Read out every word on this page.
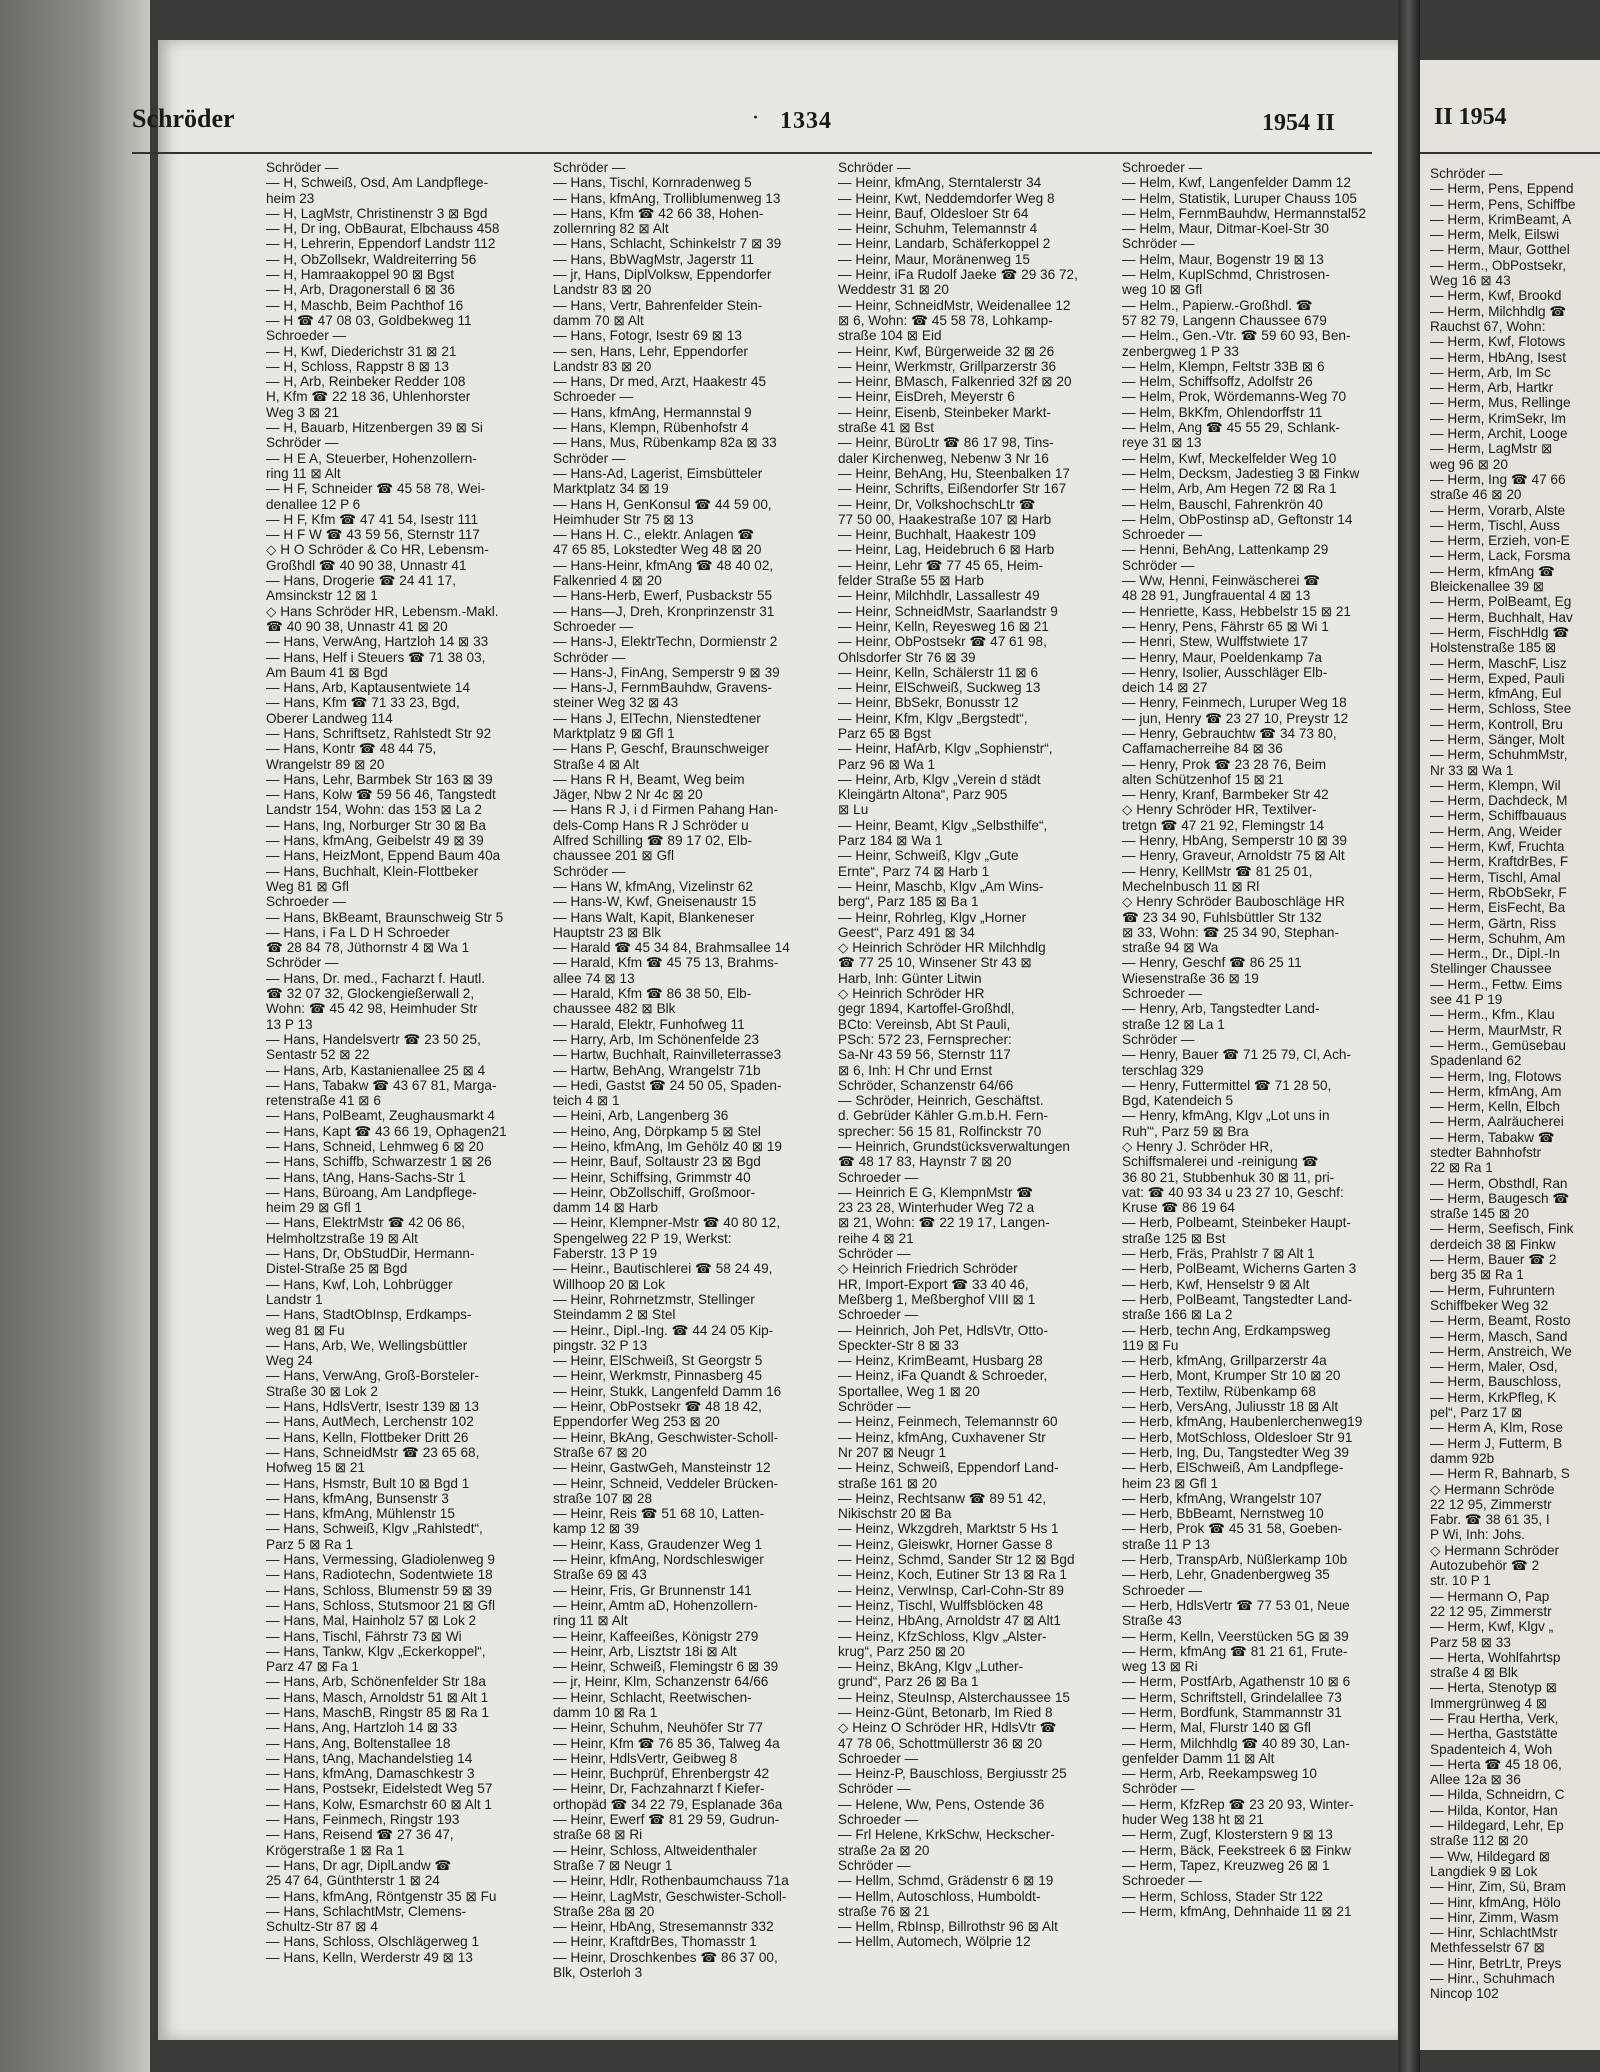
Schröder	· 1334	1954 II
Schröder —
— H, Schweiß, Osd, Am Landpflege-
heim 23
— H, LagMstr, Christinenstr 3 ⊠ Bgd
— H, Dr ing, ObBaurat, Elbchauss 458
— H, Lehrerin, Eppendorf Landstr 112
— H, ObZollsekr, Waldreiterring 56
— H, Hamraakoppel 90 ⊠ Bgst
— H, Arb, Dragonerstall 6 ⊠ 36
— H, Maschb, Beim Pachthof 16
— H ☎ 47 08 03, Goldbekweg 11
Schroeder —
— H, Kwf, Diederichstr 31 ⊠ 21
— H, Schloss, Rappstr 8 ⊠ 13
— H, Arb, Reinbeker Redder 108
H, Kfm ☎ 22 18 36, Uhlenhorster
Weg 3 ⊠ 21
— H, Bauarb, Hitzenbergen 39 ⊠ Si
Schröder —
— H E A, Steuerber, Hohenzollern-
ring 11 ⊠ Alt
— H F, Schneider ☎ 45 58 78, Wei-
denallee 12 P 6
— H F, Kfm ☎ 47 41 54, Isestr 111
— H F W ☎ 43 59 56, Sternstr 117
◇ H O Schröder & Co HR, Lebensm-
Großhdl ☎ 40 90 38, Unnastr 41
— Hans, Drogerie ☎ 24 41 17,
Amsinckstr 12 ⊠ 1
◇ Hans Schröder HR, Lebensm.-Makl.
☎ 40 90 38, Unnastr 41 ⊠ 20
— Hans, VerwAng, Hartzloh 14 ⊠ 33
— Hans, Helf i Steuers ☎ 71 38 03,
Am Baum 41 ⊠ Bgd
— Hans, Arb, Kaptausentwiete 14
— Hans, Kfm ☎ 71 33 23, Bgd,
Oberer Landweg 114
— Hans, Schriftsetz, Rahlstedt Str 92
— Hans, Kontr ☎ 48 44 75,
Wrangelstr 89 ⊠ 20
— Hans, Lehr, Barmbek Str 163 ⊠ 39
— Hans, Kolw ☎ 59 56 46, Tangstedt
Landstr 154, Wohn: das 153 ⊠ La 2
— Hans, Ing, Norburger Str 30 ⊠ Ba
— Hans, kfmAng, Geibelstr 49 ⊠ 39
— Hans, HeizMont, Eppend Baum 40a
— Hans, Buchhalt, Klein-Flottbeker
Weg 81 ⊠ Gfl
Schroeder —
— Hans, BkBeamt, Braunschweig Str 5
— Hans, i Fa L D H Schroeder
☎ 28 84 78, Jüthornstr 4 ⊠ Wa 1
Schröder —
— Hans, Dr. med., Facharzt f. Hautl.
☎ 32 07 32, Glockengießerwall 2,
Wohn: ☎ 45 42 98, Heimhuder Str
13 P 13
— Hans, Handelsvertr ☎ 23 50 25,
Sentastr 52 ⊠ 22
— Hans, Arb, Kastanienallee 25 ⊠ 4
— Hans, Tabakw ☎ 43 67 81, Marga-
retenstraße 41 ⊠ 6
— Hans, PolBeamt, Zeughausmarkt 4
— Hans, Kapt ☎ 43 66 19, Ophagen21
— Hans, Schneid, Lehmweg 6 ⊠ 20
— Hans, Schiffb, Schwarzestr 1 ⊠ 26
— Hans, tAng, Hans-Sachs-Str 1
— Hans, Büroang, Am Landpflege-
heim 29 ⊠ Gfl 1
— Hans, ElektrMstr ☎ 42 06 86,
Helmholtzstraße 19 ⊠ Alt
— Hans, Dr, ObStudDir, Hermann-
Distel-Straße 25 ⊠ Bgd
— Hans, Kwf, Loh, Lohbrügger
Landstr 1
— Hans, StadtObInsp, Erdkamps-
weg 81 ⊠ Fu
— Hans, Arb, We, Wellingsbüttler
Weg 24
— Hans, VerwAng, Groß-Borsteler-
Straße 30 ⊠ Lok 2
— Hans, HdlsVertr, Isestr 139 ⊠ 13
— Hans, AutMech, Lerchenstr 102
— Hans, Kelln, Flottbeker Dritt 26
— Hans, SchneidMstr ☎ 23 65 68,
Hofweg 15 ⊠ 21
— Hans, Hsmstr, Bult 10 ⊠ Bgd 1
— Hans, kfmAng, Bunsenstr 3
— Hans, kfmAng, Mühlenstr 15
— Hans, Schweiß, Klgv „Rahlstedt“,
Parz 5 ⊠ Ra 1
— Hans, Vermessing, Gladiolenweg 9
— Hans, Radiotechn, Sodentwiete 18
— Hans, Schloss, Blumenstr 59 ⊠ 39
— Hans, Schloss, Stutsmoor 21 ⊠ Gfl
— Hans, Mal, Hainholz 57 ⊠ Lok 2
— Hans, Tischl, Fährstr 73 ⊠ Wi
— Hans, Tankw, Klgv „Eckerkoppel“,
Parz 47 ⊠ Fa 1
— Hans, Arb, Schönenfelder Str 18a
— Hans, Masch, Arnoldstr 51 ⊠ Alt 1
— Hans, MaschB, Ringstr 85 ⊠ Ra 1
— Hans, Ang, Hartzloh 14 ⊠ 33
— Hans, Ang, Boltenstallee 18
— Hans, tAng, Machandelstieg 14
— Hans, kfmAng, Damaschkestr 3
— Hans, Postsekr, Eidelstedt Weg 57
— Hans, Kolw, Esmarchstr 60 ⊠ Alt 1
— Hans, Feinmech, Ringstr 193
— Hans, Reisend ☎ 27 36 47,
Krögerstraße 1 ⊠ Ra 1
— Hans, Dr agr, DiplLandw ☎
25 47 64, Günthterstr 1 ⊠ 24
— Hans, kfmAng, Röntgenstr 35 ⊠ Fu
— Hans, SchlachtMstr, Clemens-
Schultz-Str 87 ⊠ 4
— Hans, Schloss, Olschlägerweg 1
— Hans, Kelln, Werderstr 49 ⊠ 13
Schröder —
— Hans, Tischl, Kornradenweg 5
— Hans, kfmAng, Trolliblumenweg 13
— Hans, Kfm ☎ 42 66 38, Hohen-
zollernring 82 ⊠ Alt
— Hans, Schlacht, Schinkelstr 7 ⊠ 39
— Hans, BbWagMstr, Jagerstr 11
— jr, Hans, DiplVolksw, Eppendorfer
Landstr 83 ⊠ 20
— Hans, Vertr, Bahrenfelder Stein-
damm 70 ⊠ Alt
— Hans, Fotogr, Isestr 69 ⊠ 13
— sen, Hans, Lehr, Eppendorfer
Landstr 83 ⊠ 20
— Hans, Dr med, Arzt, Haakestr 45
Schroeder —
— Hans, kfmAng, Hermannstal 9
— Hans, Klempn, Rübenhofstr 4
— Hans, Mus, Rübenkamp 82a ⊠ 33
Schröder —
— Hans-Ad, Lagerist, Eimsbütteler
Marktplatz 34 ⊠ 19
— Hans H, GenKonsul ☎ 44 59 00,
Heimhuder Str 75 ⊠ 13
— Hans H. C., elektr. Anlagen ☎
47 65 85, Lokstedter Weg 48 ⊠ 20
— Hans-Heinr, kfmAng ☎ 48 40 02,
Falkenried 4 ⊠ 20
— Hans-Herb, Ewerf, Pusbackstr 55
— Hans—J, Dreh, Kronprinzenstr 31
Schroeder —
— Hans-J, ElektrTechn, Dormienstr 2
Schröder —
— Hans-J, FinAng, Semperstr 9 ⊠ 39
— Hans-J, FernmBauhdw, Gravens-
steiner Weg 32 ⊠ 43
— Hans J, ElTechn, Nienstedtener
Marktplatz 9 ⊠ Gfl 1
— Hans P, Geschf, Braunschweiger
Straße 4 ⊠ Alt
— Hans R H, Beamt, Weg beim
Jäger, Nbw 2 Nr 4c ⊠ 20
— Hans R J, i d Firmen Pahang Han-
dels-Comp Hans R J Schröder u
Alfred Schilling ☎ 89 17 02, Elb-
chaussee 201 ⊠ Gfl
Schröder —
— Hans W, kfmAng, Vizelinstr 62
— Hans-W, Kwf, Gneisenaustr 15
— Hans Walt, Kapit, Blankeneser
Hauptstr 23 ⊠ Blk
— Harald ☎ 45 34 84, Brahmsallee 14
— Harald, Kfm ☎ 45 75 13, Brahms-
allee 74 ⊠ 13
— Harald, Kfm ☎ 86 38 50, Elb-
chaussee 482 ⊠ Blk
— Harald, Elektr, Funhofweg 11
— Harry, Arb, Im Schönenfelde 23
— Hartw, Buchhalt, Rainvilleterrasse3
— Hartw, BehAng, Wrangelstr 71b
— Hedi, Gastst ☎ 24 50 05, Spaden-
teich 4 ⊠ 1
— Heini, Arb, Langenberg 36
— Heino, Ang, Dörpkamp 5 ⊠ Stel
— Heino, kfmAng, Im Gehölz 40 ⊠ 19
— Heinr, Bauf, Soltaustr 23 ⊠ Bgd
— Heinr, Schiffsing, Grimmstr 40
— Heinr, ObZollschiff, Großmoor-
damm 14 ⊠ Harb
— Heinr, Klempner-Mstr ☎ 40 80 12,
Spengelweg 22 P 19, Werkst:
Faberstr. 13 P 19
— Heinr., Bautischlerei ☎ 58 24 49,
Willhoop 20 ⊠ Lok
— Heinr, Rohrnetzmstr, Stellinger
Steindamm 2 ⊠ Stel
— Heinr., Dipl.-Ing. ☎ 44 24 05 Kip-
pingstr. 32 P 13
— Heinr, ElSchweiß, St Georgstr 5
— Heinr, Werkmstr, Pinnasberg 45
— Heinr, Stukk, Langenfeld Damm 16
— Heinr, ObPostsekr ☎ 48 18 42,
Eppendorfer Weg 253 ⊠ 20
— Heinr, BkAng, Geschwister-Scholl-
Straße 67 ⊠ 20
— Heinr, GastwGeh, Mansteinstr 12
— Heinr, Schneid, Veddeler Brücken-
straße 107 ⊠ 28
— Heinr, Reis ☎ 51 68 10, Latten-
kamp 12 ⊠ 39
— Heinr, Kass, Graudenzer Weg 1
— Heinr, kfmAng, Nordschleswiger
Straße 69 ⊠ 43
— Heinr, Fris, Gr Brunnenstr 141
— Heinr, Amtm aD, Hohenzollern-
ring 11 ⊠ Alt
— Heinr, Kaffeeißes, Königstr 279
— Heinr, Arb, Lisztstr 18i ⊠ Alt
— Heinr, Schweiß, Flemingstr 6 ⊠ 39
— jr, Heinr, Klm, Schanzenstr 64/66
— Heinr, Schlacht, Reetwischen-
damm 10 ⊠ Ra 1
— Heinr, Schuhm, Neuhöfer Str 77
— Heinr, Kfm ☎ 76 85 36, Talweg 4a
— Heinr, HdlsVertr, Geibweg 8
— Heinr, Buchprüf, Ehrenbergstr 42
— Heinr, Dr, Fachzahnarzt f Kiefer-
orthopäd ☎ 34 22 79, Esplanade 36a
— Heinr, Ewerf ☎ 81 29 59, Gudrun-
straße 68 ⊠ Ri
— Heinr, Schloss, Altweidenthaler
Straße 7 ⊠ Neugr 1
— Heinr, Hdlr, Rothenbaumchauss 71a
— Heinr, LagMstr, Geschwister-Scholl-
Straße 28a ⊠ 20
— Heinr, HbAng, Stresemannstr 332
— Heinr, KraftdrBes, Thomasstr 1
— Heinr, Droschkenbes ☎ 86 37 00,
Blk, Osterloh 3
Schröder —
— Heinr, kfmAng, Sterntalerstr 34
— Heinr, Kwt, Neddemdorfer Weg 8
— Heinr, Bauf, Oldesloer Str 64
— Heinr, Schuhm, Telemannstr 4
— Heinr, Landarb, Schäferkoppel 2
— Heinr, Maur, Moränenweg 15
— Heinr, iFa Rudolf Jaeke ☎ 29 36 72,
Weddestr 31 ⊠ 20
— Heinr, SchneidMstr, Weidenallee 12
⊠ 6, Wohn: ☎ 45 58 78, Lohkamp-
straße 104 ⊠ Eid
— Heinr, Kwf, Bürgerweide 32 ⊠ 26
— Heinr, Werkmstr, Grillparzerstr 36
— Heinr, BMasch, Falkenried 32f ⊠ 20
— Heinr, EisDreh, Meyerstr 6
— Heinr, Eisenb, Steinbeker Markt-
straße 41 ⊠ Bst
— Heinr, BüroLtr ☎ 86 17 98, Tins-
daler Kirchenweg, Nebenw 3 Nr 16
— Heinr, BehAng, Hu, Steenbalken 17
— Heinr, Schrifts, Eißendorfer Str 167
— Heinr, Dr, VolkshochschLtr ☎
77 50 00, Haakestraße 107 ⊠ Harb
— Heinr, Buchhalt, Haakestr 109
— Heinr, Lag, Heidebruch 6 ⊠ Harb
— Heinr, Lehr ☎ 77 45 65, Heim-
felder Straße 55 ⊠ Harb
— Heinr, Milchhdlr, Lassallestr 49
— Heinr, SchneidMstr, Saarlandstr 9
— Heinr, Kelln, Reyesweg 16 ⊠ 21
— Heinr, ObPostsekr ☎ 47 61 98,
Ohlsdorfer Str 76 ⊠ 39
— Heinr, Kelln, Schälerstr 11 ⊠ 6
— Heinr, ElSchweiß, Suckweg 13
— Heinr, BbSekr, Bonusstr 12
— Heinr, Kfm, Klgv „Bergstedt“,
Parz 65 ⊠ Bgst
— Heinr, HafArb, Klgv „Sophienstr“,
Parz 96 ⊠ Wa 1
— Heinr, Arb, Klgv „Verein d städt
Kleingärtn Altona“, Parz 905
⊠ Lu
— Heinr, Beamt, Klgv „Selbsthilfe“,
Parz 184 ⊠ Wa 1
— Heinr, Schweiß, Klgv „Gute
Ernte“, Parz 74 ⊠ Harb 1
— Heinr, Maschb, Klgv „Am Wins-
berg“, Parz 185 ⊠ Ba 1
— Heinr, Rohrleg, Klgv „Horner
Geest“, Parz 491 ⊠ 34
◇ Heinrich Schröder HR Milchhdlg
☎ 77 25 10, Winsener Str 43 ⊠
Harb, Inh: Günter Litwin
◇ Heinrich Schröder HR
gegr 1894, Kartoffel-Großhdl,
BCto: Vereinsb, Abt St Pauli,
PSch: 572 23, Fernsprecher:
Sa-Nr 43 59 56, Sternstr 117
⊠ 6, Inh: H Chr und Ernst
Schröder, Schanzenstr 64/66
— Schröder, Heinrich, Geschäftst.
d. Gebrüder Kähler G.m.b.H. Fern-
sprecher: 56 15 81, Rolfinckstr 70
— Heinrich, Grundstücksverwaltungen
☎ 48 17 83, Haynstr 7 ⊠ 20
Schroeder —
— Heinrich E G, KlempnMstr ☎
23 23 28, Winterhuder Weg 72 a
⊠ 21, Wohn: ☎ 22 19 17, Langen-
reihe 4 ⊠ 21
Schröder —
◇ Heinrich Friedrich Schröder
HR, Import-Export ☎ 33 40 46,
Meßberg 1, Meßberghof VIII ⊠ 1
Schroeder —
— Heinrich, Joh Pet, HdlsVtr, Otto-
Speckter-Str 8 ⊠ 33
— Heinz, KrimBeamt, Husbarg 28
— Heinz, iFa Quandt & Schroeder,
Sportallee, Weg 1 ⊠ 20
Schröder —
— Heinz, Feinmech, Telemannstr 60
— Heinz, kfmAng, Cuxhavener Str
Nr 207 ⊠ Neugr 1
— Heinz, Schweiß, Eppendorf Land-
straße 161 ⊠ 20
— Heinz, Rechtsanw ☎ 89 51 42,
Nikischstr 20 ⊠ Ba
— Heinz, Wkzgdreh, Marktstr 5 Hs 1
— Heinz, Gleiswkr, Horner Gasse 8
— Heinz, Schmd, Sander Str 12 ⊠ Bgd
— Heinz, Koch, Eutiner Str 13 ⊠ Ra 1
— Heinz, VerwInsp, Carl-Cohn-Str 89
— Heinz, Tischl, Wulffsblöcken 48
— Heinz, HbAng, Arnoldstr 47 ⊠ Alt1
— Heinz, KfzSchloss, Klgv „Alster-
krug“, Parz 250 ⊠ 20
— Heinz, BkAng, Klgv „Luther-
grund“, Parz 26 ⊠ Ba 1
— Heinz, SteuInsp, Alsterchaussee 15
— Heinz-Günt, Betonarb, Im Ried 8
◇ Heinz O Schröder HR, HdlsVtr ☎
47 78 06, Schottmüllerstr 36 ⊠ 20
Schroeder —
— Heinz-P, Bauschloss, Bergiusstr 25
Schröder —
— Helene, Ww, Pens, Ostende 36
Schroeder —
— Frl Helene, KrkSchw, Heckscher-
straße 2a ⊠ 20
Schröder —
— Hellm, Schmd, Grädenstr 6 ⊠ 19
— Hellm, Autoschloss, Humboldt-
straße 76 ⊠ 21
— Hellm, RbInsp, Billrothstr 96 ⊠ Alt
— Hellm, Automech, Wölprie 12
Schroeder —
— Helm, Kwf, Langenfelder Damm 12
— Helm, Statistik, Luruper Chauss 105
— Helm, FernmBauhdw, Hermannstal52
— Helm, Maur, Ditmar-Koel-Str 30
Schröder —
— Helm, Maur, Bogenstr 19 ⊠ 13
— Helm, KuplSchmd, Christrosen-
weg 10 ⊠ Gfl
— Helm., Papierw.-Großhdl. ☎
57 82 79, Langenn Chaussee 679
— Helm., Gen.-Vtr. ☎ 59 60 93, Ben-
zenbergweg 1 P 33
— Helm, Klempn, Feltstr 33B ⊠ 6
— Helm, Schiffsoffz, Adolfstr 26
— Helm, Prok, Wördemanns-Weg 70
— Helm, BkKfm, Ohlendorffstr 11
— Helm, Ang ☎ 45 55 29, Schlank-
reye 31 ⊠ 13
— Helm, Kwf, Meckelfelder Weg 10
— Helm, Decksm, Jadestieg 3 ⊠ Finkw
— Helm, Arb, Am Hegen 72 ⊠ Ra 1
— Helm, Bauschl, Fahrenkrön 40
— Helm, ObPostinsp aD, Geftonstr 14
Schroeder —
— Henni, BehAng, Lattenkamp 29
Schröder —
— Ww, Henni, Feinwäscherei ☎
48 28 91, Jungfrauental 4 ⊠ 13
— Henriette, Kass, Hebbelstr 15 ⊠ 21
— Henry, Pens, Fährstr 65 ⊠ Wi 1
— Henri, Stew, Wulffstwiete 17
— Henry, Maur, Poeldenkamp 7a
— Henry, Isolier, Ausschläger Elb-
deich 14 ⊠ 27
— Henry, Feinmech, Luruper Weg 18
— jun, Henry ☎ 23 27 10, Preystr 12
— Henry, Gebrauchtw ☎ 34 73 80,
Caffamacherreihe 84 ⊠ 36
— Henry, Prok ☎ 23 28 76, Beim
alten Schützenhof 15 ⊠ 21
— Henry, Kranf, Barmbeker Str 42
◇ Henry Schröder HR, Textilver-
tretgn ☎ 47 21 92, Flemingstr 14
— Henry, HbAng, Semperstr 10 ⊠ 39
— Henry, Graveur, Arnoldstr 75 ⊠ Alt
— Henry, KellMstr ☎ 81 25 01,
Mechelnbusch 11 ⊠ Rl
◇ Henry Schröder Bauboschläge HR
☎ 23 34 90, Fuhlsbüttler Str 132
⊠ 33, Wohn: ☎ 25 34 90, Stephan-
straße 94 ⊠ Wa
— Henry, Geschf ☎ 86 25 11
Wiesenstraße 36 ⊠ 19
Schroeder —
— Henry, Arb, Tangstedter Land-
straße 12 ⊠ La 1
Schröder —
— Henry, Bauer ☎ 71 25 79, Cl, Ach-
terschlag 329
— Henry, Futtermittel ☎ 71 28 50,
Bgd, Katendeich 5
— Henry, kfmAng, Klgv „Lot uns in
Ruh'“, Parz 59 ⊠ Bra
◇ Henry J. Schröder HR,
Schiffsmalerei und -reinigung ☎
36 80 21, Stubbenhuk 30 ⊠ 11, pri-
vat: ☎ 40 93 34 u 23 27 10, Geschf:
Kruse ☎ 86 19 64
— Herb, Polbeamt, Steinbeker Haupt-
straße 125 ⊠ Bst
— Herb, Fräs, Prahlstr 7 ⊠ Alt 1
— Herb, PolBeamt, Wicherns Garten 3
— Herb, Kwf, Henselstr 9 ⊠ Alt
— Herb, PolBeamt, Tangstedter Land-
straße 166 ⊠ La 2
— Herb, techn Ang, Erdkampsweg
119 ⊠ Fu
— Herb, kfmAng, Grillparzerstr 4a
— Herb, Mont, Krumper Str 10 ⊠ 20
— Herb, Textilw, Rübenkamp 68
— Herb, VersAng, Juliusstr 18 ⊠ Alt
— Herb, kfmAng, Haubenlerchenweg19
— Herb, MotSchloss, Oldesloer Str 91
— Herb, Ing, Du, Tangstedter Weg 39
— Herb, ElSchweiß, Am Landpflege-
heim 23 ⊠ Gfl 1
— Herb, kfmAng, Wrangelstr 107
— Herb, BbBeamt, Nernstweg 10
— Herb, Prok ☎ 45 31 58, Goeben-
straße 11 P 13
— Herb, TranspArb, Nüßlerkamp 10b
— Herb, Lehr, Gnadenbergweg 35
Schroeder —
— Herb, HdlsVertr ☎ 77 53 01, Neue
Straße 43
— Herm, Kelln, Veerstücken 5G ⊠ 39
— Herm, kfmAng ☎ 81 21 61, Frute-
weg 13 ⊠ Ri
— Herm, PostfArb, Agathenstr 10 ⊠ 6
— Herm, Schriftstell, Grindelallee 73
— Herm, Bordfunk, Stammannstr 31
— Herm, Mal, Flurstr 140 ⊠ Gfl
— Herm, Milchhdlg ☎ 40 89 30, Lan-
genfelder Damm 11 ⊠ Alt
— Herm, Arb, Reekampsweg 10
Schröder —
— Herm, KfzRep ☎ 23 20 93, Winter-
huder Weg 138 ht ⊠ 21
— Herm, Zugf, Klosterstern 9 ⊠ 13
— Herm, Bäck, Feekstreek 6 ⊠ Finkw
— Herm, Tapez, Kreuzweg 26 ⊠ 1
Schroeder —
— Herm, Schloss, Stader Str 122
— Herm, kfmAng, Dehnhaide 11 ⊠ 21
II 1954
Schröder —
— Herm, Pens, Eppend
— Herm, Pens, Schiffbe
— Herm, KrimBeamt, A
— Herm, Melk, Eilswi
— Herm, Maur, Gotthel
— Herm., ObPostsekr,
Weg 16 ⊠ 43
— Herm, Kwf, Brookd
— Herm, Milchhdlg ☎
Rauchst 67, Wohn:
— Herm, Kwf, Flotows
— Herm, HbAng, Isest
— Herm, Arb, Im Sc
— Herm, Arb, Hartkr
— Herm, Mus, Rellinge
— Herm, KrimSekr, Im
— Herm, Archit, Looge
— Herm, LagMstr ⊠
weg 96 ⊠ 20
— Herm, Ing ☎ 47 66
straße 46 ⊠ 20
— Herm, Vorarb, Alste
— Herm, Tischl, Auss
— Herm, Erzieh, von-E
— Herm, Lack, Forsma
— Herm, kfmAng ☎
Bleickenallee 39 ⊠
— Herm, PolBeamt, Eg
— Herm, Buchhalt, Hav
— Herm, FischHdlg ☎
Holstenstraße 185 ⊠
— Herm, MaschF, Lisz
— Herm, Exped, Pauli
— Herm, kfmAng, Eul
— Herm, Schloss, Stee
— Herm, Kontroll, Bru
— Herm, Sänger, Molt
— Herm, SchuhmMstr,
Nr 33 ⊠ Wa 1
— Herm, Klempn, Wil
— Herm, Dachdeck, M
— Herm, Schiffbauaus
— Herm, Ang, Weider
— Herm, Kwf, Fruchta
— Herm, KraftdrBes, F
— Herm, Tischl, Amal
— Herm, RbObSekr, F
— Herm, EisFecht, Ba
— Herm, Gärtn, Riss
— Herm, Schuhm, Am
— Herm., Dr., Dipl.-In
Stellinger Chaussee
— Herm., Fettw. Eims
see 41 P 19
— Herm., Kfm., Klau
— Herm, MaurMstr, R
— Herm., Gemüsebau
Spadenland 62
— Herm, Ing, Flotows
— Herm, kfmAng, Am
— Herm, Kelln, Elbch
— Herm, Aalräucherei
— Herm, Tabakw ☎
stedter Bahnhofstr
22 ⊠ Ra 1
— Herm, Obsthdl, Ran
— Herm, Baugesch ☎
straße 145 ⊠ 20
— Herm, Seefisch, Fink
derdeich 38 ⊠ Finkw
— Herm, Bauer ☎ 2
berg 35 ⊠ Ra 1
— Herm, Fuhruntern
Schiffbeker Weg 32
— Herm, Beamt, Rosto
— Herm, Masch, Sand
— Herm, Anstreich, We
— Herm, Maler, Osd,
— Herm, Bauschloss,
— Herm, KrkPfleg, K
pel“, Parz 17 ⊠
— Herm A, Klm, Rose
— Herm J, Futterm, B
damm 92b
— Herm R, Bahnarb, S
◇ Hermann Schröde
22 12 95, Zimmerstr
Fabr. ☎ 38 61 35, I
P Wi, Inh: Johs.
◇ Hermann Schröder
Autozubehör ☎ 2
str. 10 P 1
— Hermann O, Pap
22 12 95, Zimmerstr
— Herm, Kwf, Klgv „
Parz 58 ⊠ 33
— Herta, Wohlfahrtsp
straße 4 ⊠ Blk
— Herta, Stenotyp ⊠
Immergrünweg 4 ⊠
— Frau Hertha, Verk,
— Hertha, Gaststätte
Spadenteich 4, Woh
— Herta ☎ 45 18 06,
Allee 12a ⊠ 36
— Hilda, Schneidrn, C
— Hilda, Kontor, Han
— Hildegard, Lehr, Ep
straße 112 ⊠ 20
— Ww, Hildegard ⊠
Langdiek 9 ⊠ Lok
— Hinr, Zim, Sü, Bram
— Hinr, kfmAng, Hölo
— Hinr, Zimm, Wasm
— Hinr, SchlachtMstr
Methfesselstr 67 ⊠
— Hinr, BetrLtr, Preys
— Hinr., Schuhmach
Nincop 102
